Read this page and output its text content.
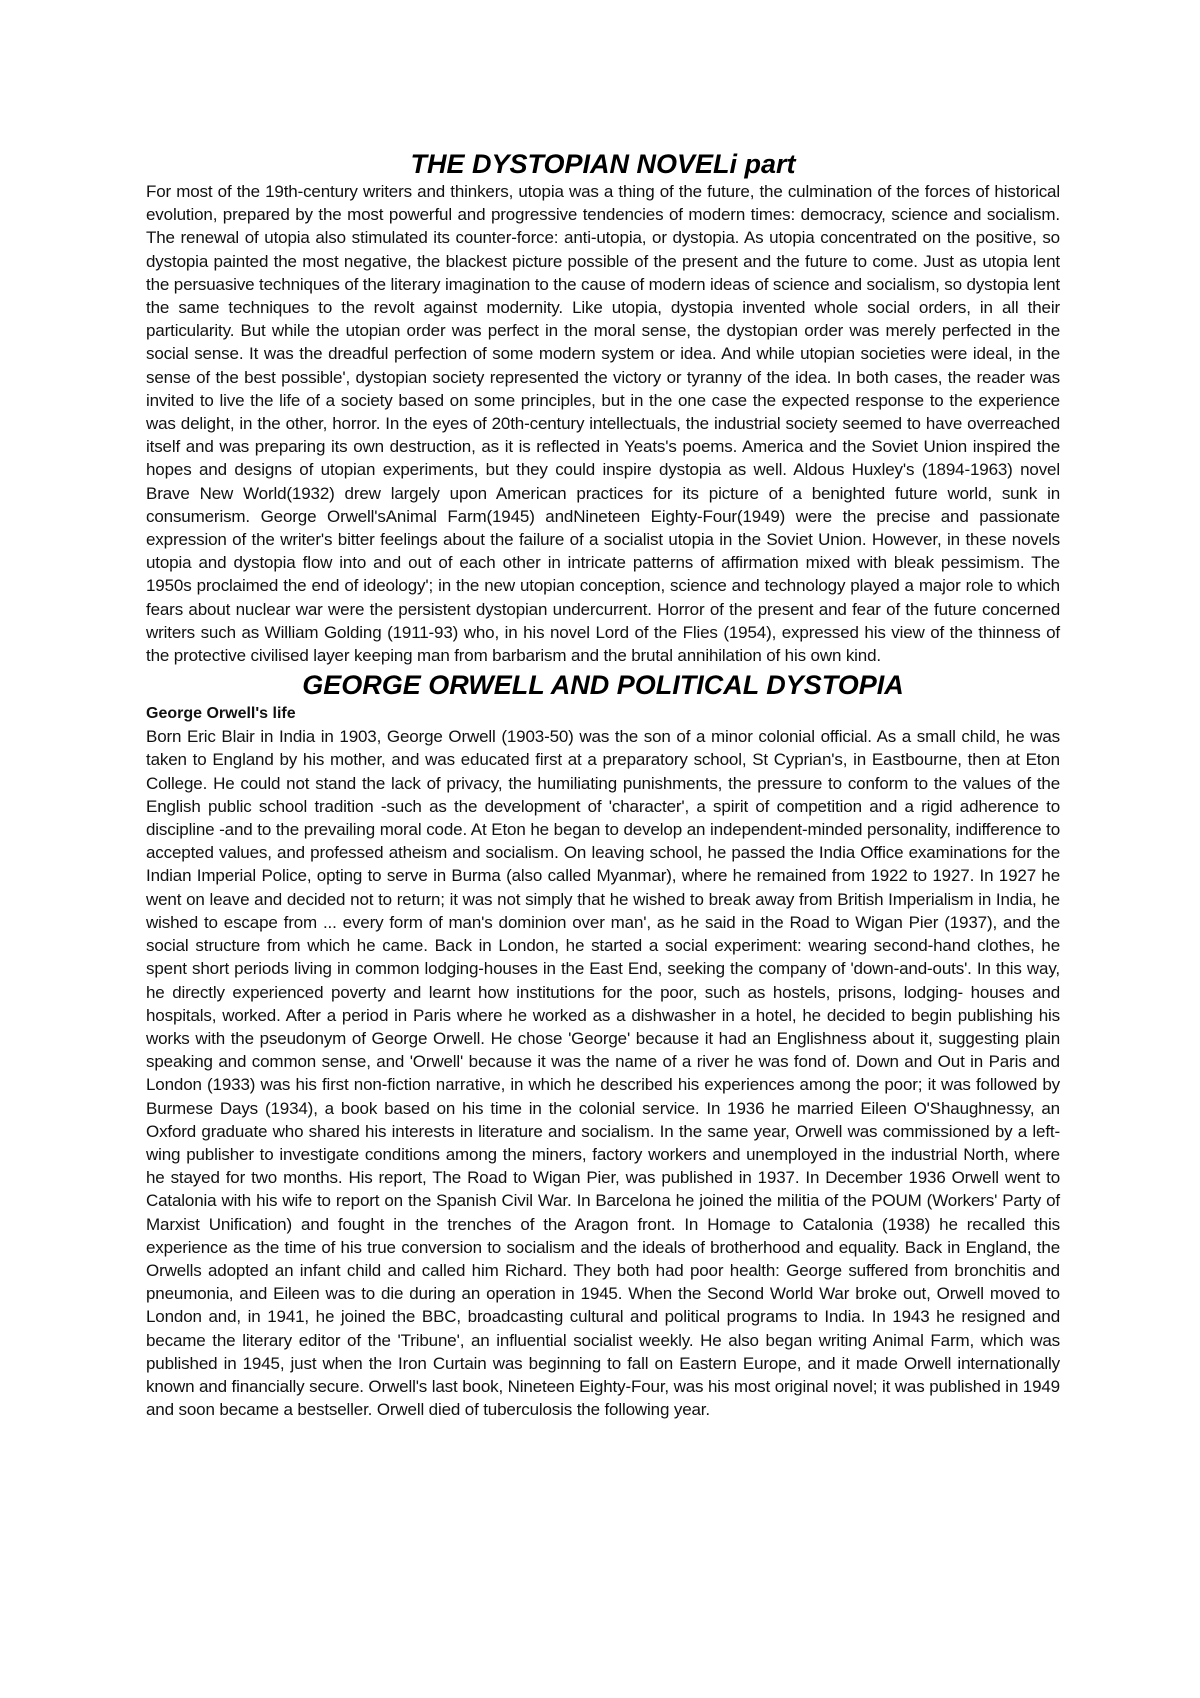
THE DYSTOPIAN NOVELi part

For most of the 19th-century writers and thinkers, utopia was a thing of the future, the culmination of the forces of historical evolution, prepared by the most powerful and progressive tendencies of modern times: democracy, science and socialism. The renewal of utopia also stimulated its counter-force: anti-utopia, or dystopia. As utopia concentrated on the positive, so dystopia painted the most negative, the blackest picture possible of the present and the future to come. Just as utopia lent the persuasive techniques of the literary imagination to the cause of modern ideas of science and socialism, so dystopia lent the same techniques to the revolt against modernity. Like utopia, dystopia invented whole social orders, in all their particularity. But while the utopian order was perfect in the moral sense, the dystopian order was merely perfected in the social sense. It was the dreadful perfection of some modern system or idea. And while utopian societies were ideal, in the sense of the best possible', dystopian society represented the victory or tyranny of the idea. In both cases, the reader was invited to live the life of a society based on some principles, but in the one case the expected response to the experience was delight, in the other, horror. In the eyes of 20th-century intellectuals, the industrial society seemed to have overreached itself and was preparing its own destruction, as it is reflected in Yeats's poems. America and the Soviet Union inspired the hopes and designs of utopian experiments, but they could inspire dystopia as well. Aldous Huxley's (1894-1963) novel Brave New World(1932) drew largely upon American practices for its picture of a benighted future world, sunk in consumerism. George Orwell'sAnimal Farm(1945) andNineteen Eighty-Four(1949) were the precise and passionate expression of the writer's bitter feelings about the failure of a socialist utopia in the Soviet Union. However, in these novels utopia and dystopia flow into and out of each other in intricate patterns of affirmation mixed with bleak pessimism. The 1950s proclaimed the end of ideology'; in the new utopian conception, science and technology played a major role to which fears about nuclear war were the persistent dystopian undercurrent. Horror of the present and fear of the future concerned writers such as William Golding (1911-93) who, in his novel Lord of the Flies (1954), expressed his view of the thinness of the protective civilised layer keeping man from barbarism and the brutal annihilation of his own kind.

GEORGE ORWELL AND POLITICAL DYSTOPIA

George Orwell's life

Born Eric Blair in India in 1903, George Orwell (1903-50) was the son of a minor colonial official. As a small child, he was taken to England by his mother, and was educated first at a preparatory school, St Cyprian's, in Eastbourne, then at Eton College. He could not stand the lack of privacy, the humiliating punishments, the pressure to conform to the values of the English public school tradition -such as the development of 'character', a spirit of competition and a rigid adherence to discipline -and to the prevailing moral code. At Eton he began to develop an independent-minded personality, indifference to accepted values, and professed atheism and socialism. On leaving school, he passed the India Office examinations for the Indian Imperial Police, opting to serve in Burma (also called Myanmar), where he remained from 1922 to 1927. In 1927 he went on leave and decided not to return; it was not simply that he wished to break away from British Imperialism in India, he wished to escape from ... every form of man's dominion over man', as he said in the Road to Wigan Pier (1937), and the social structure from which he came. Back in London, he started a social experiment: wearing second-hand clothes, he spent short periods living in common lodging-houses in the East End, seeking the company of 'down-and-outs'. In this way, he directly experienced poverty and learnt how institutions for the poor, such as hostels, prisons, lodging- houses and hospitals, worked. After a period in Paris where he worked as a dishwasher in a hotel, he decided to begin publishing his works with the pseudonym of George Orwell. He chose 'George' because it had an Englishness about it, suggesting plain speaking and common sense, and 'Orwell' because it was the name of a river he was fond of. Down and Out in Paris and London (1933) was his first non-fiction narrative, in which he described his experiences among the poor; it was followed by Burmese Days (1934), a book based on his time in the colonial service. In 1936 he married Eileen O'Shaughnessy, an Oxford graduate who shared his interests in literature and socialism. In the same year, Orwell was commissioned by a left-wing publisher to investigate conditions among the miners, factory workers and unemployed in the industrial North, where he stayed for two months. His report, The Road to Wigan Pier, was published in 1937. In December 1936 Orwell went to Catalonia with his wife to report on the Spanish Civil War. In Barcelona he joined the militia of the POUM (Workers' Party of Marxist Unification) and fought in the trenches of the Aragon front. In Homage to Catalonia (1938) he recalled this experience as the time of his true conversion to socialism and the ideals of brotherhood and equality. Back in England, the Orwells adopted an infant child and called him Richard. They both had poor health: George suffered from bronchitis and pneumonia, and Eileen was to die during an operation in 1945. When the Second World War broke out, Orwell moved to London and, in 1941, he joined the BBC, broadcasting cultural and political programs to India. In 1943 he resigned and became the literary editor of the 'Tribune', an influential socialist weekly. He also began writing Animal Farm, which was published in 1945, just when the Iron Curtain was beginning to fall on Eastern Europe, and it made Orwell internationally known and financially secure. Orwell's last book, Nineteen Eighty-Four, was his most original novel; it was published in 1949 and soon became a bestseller. Orwell died of tuberculosis the following year.
